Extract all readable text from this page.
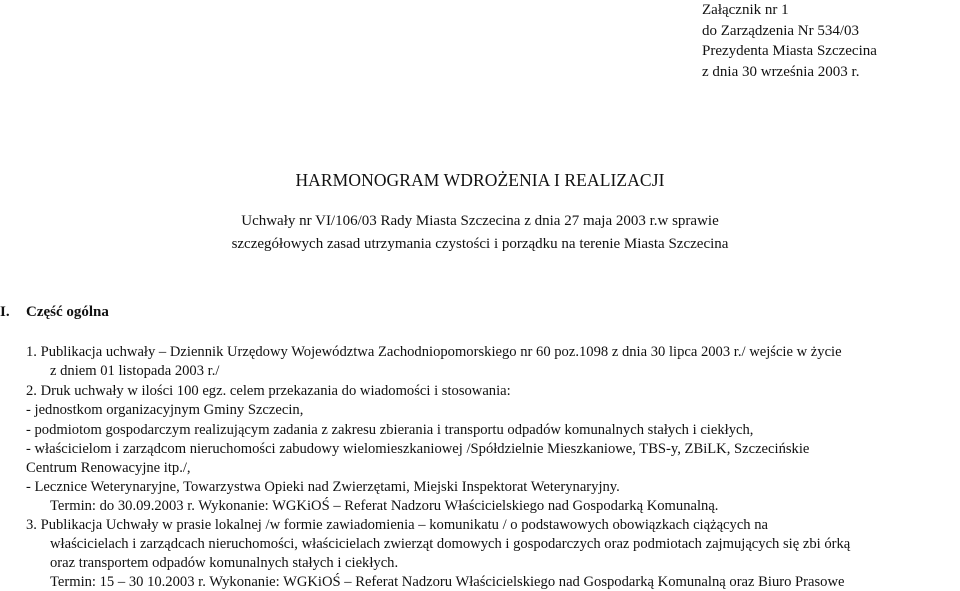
Załącznik nr 1
do Zarządzenia Nr 534/03
Prezydenta Miasta Szczecina
z dnia 30 września 2003 r.
HARMONOGRAM WDROŻENIA I REALIZACJI
Uchwały nr VI/106/03 Rady Miasta Szczecina z dnia 27 maja 2003 r.w sprawie
szczegółowych zasad utrzymania czystości i porządku na terenie Miasta Szczecina
I. Część ogólna
1. Publikacja uchwały – Dziennik Urzędowy Województwa Zachodniopomorskiego nr 60 poz.1098 z dnia 30 lipca 2003 r./ wejście w życie
z dniem 01 listopada 2003 r./
2. Druk uchwały w ilości 100 egz. celem przekazania do wiadomości i stosowania:
- jednostkom organizacyjnym Gminy Szczecin,
- podmiotom gospodarczym realizującym zadania z zakresu zbierania i transportu odpadów komunalnych stałych i ciekłych,
- właścicielom i zarządcom nieruchomości zabudowy wielomieszkaniowej /Spółdzielnie Mieszkaniowe, TBS-y, ZBiLK, Szczecińskie
Centrum Renowacyjne itp./,
- Lecznice Weterynaryjne, Towarzystwa Opieki nad Zwierzętami, Miejski Inspektorat Weterynaryjny.
Termin: do 30.09.2003 r. Wykonanie: WGKiOŚ – Referat Nadzoru Właścicielskiego nad Gospodarką Komunalną.
3. Publikacja Uchwały w prasie lokalnej /w formie zawiadomienia – komunikatu / o podstawowych obowiązkach ciążących na
właścicielach i zarządcach nieruchomości, właścicielach zwierząt domowych i gospodarczych oraz podmiotach zajmujących się zbi órką
oraz transportem odpadów komunalnych stałych i ciekłych.
Termin: 15 – 30 10.2003 r. Wykonanie: WGKiOŚ – Referat Nadzoru Właścicielskiego nad Gospodarką Komunalną oraz Biuro Prasowe
